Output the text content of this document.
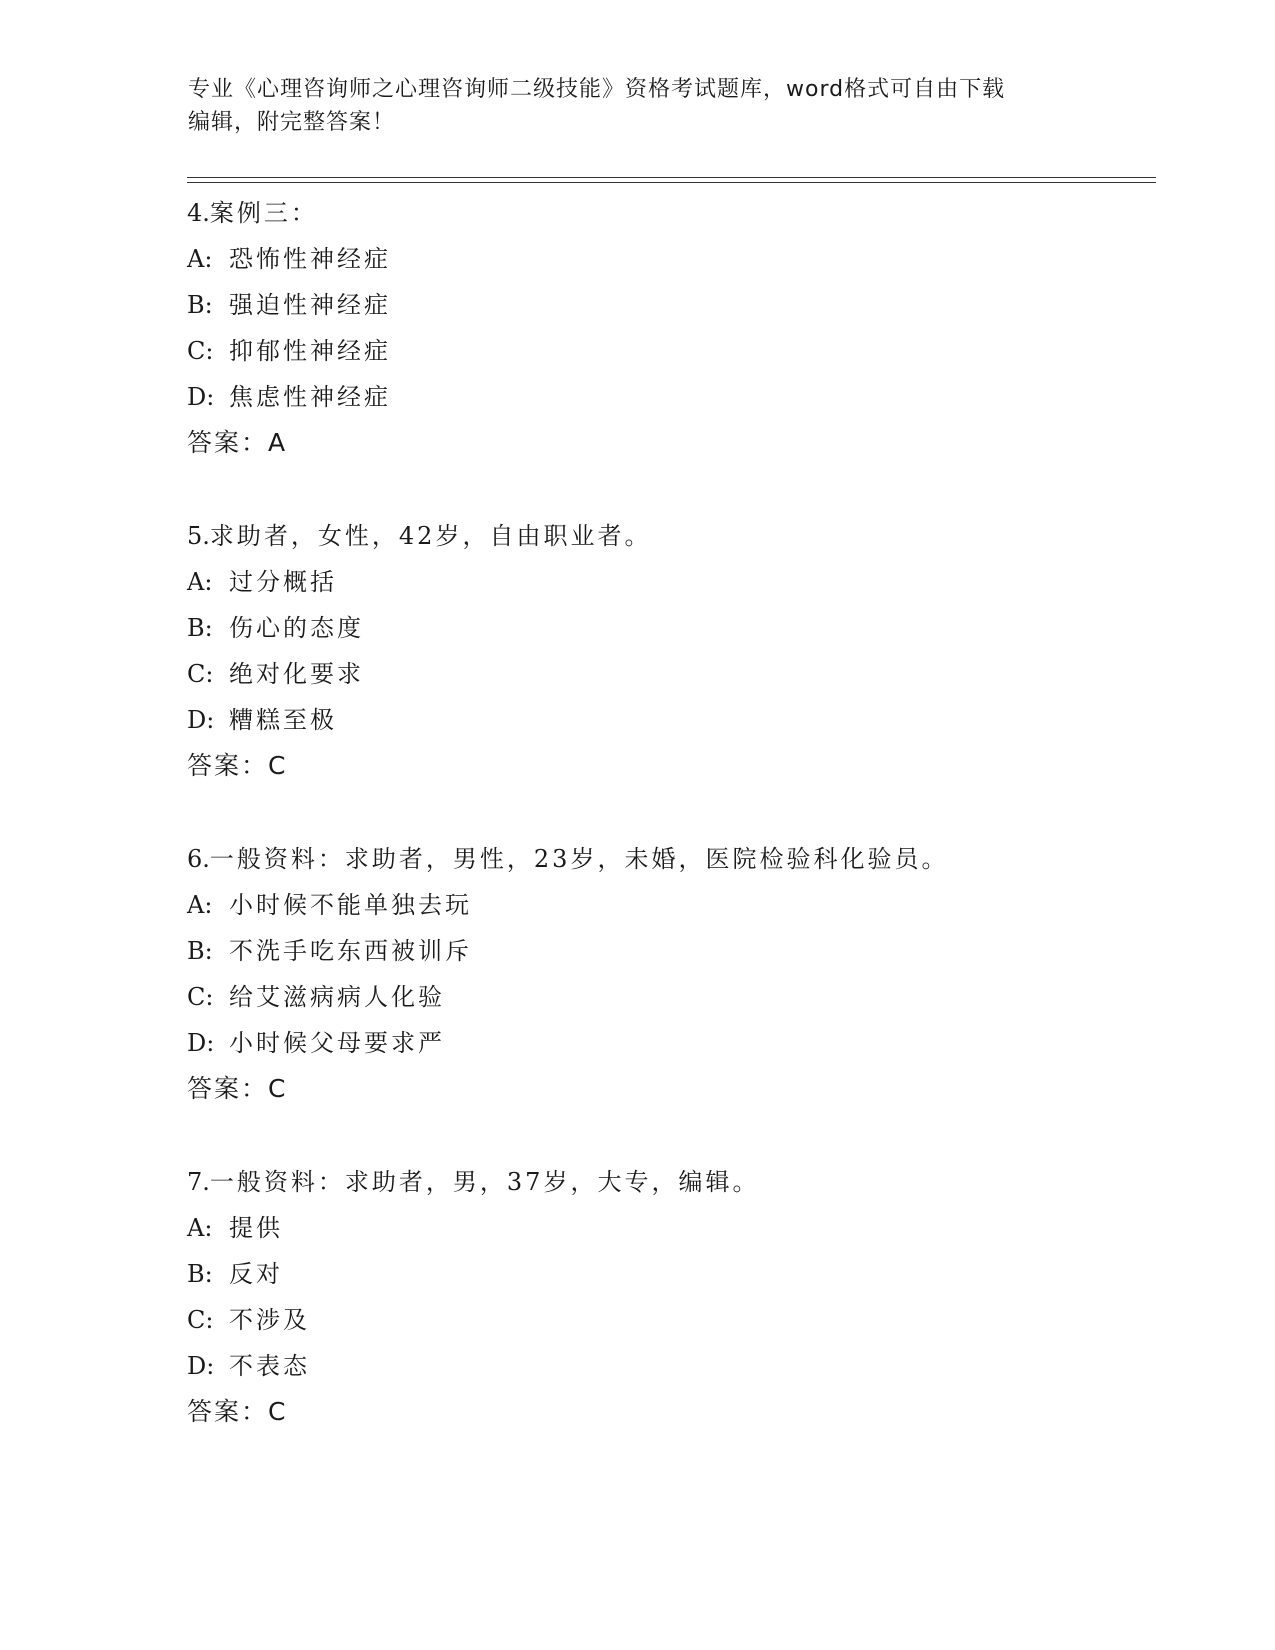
专业《心理咨询师之心理咨询师二级技能》资格考试题库，word格式可自由下载
编辑，附完整答案！
4.案例三：
A: 恐怖性神经症
B: 强迫性神经症
C: 抑郁性神经症
D: 焦虑性神经症
答案：A
5.求助者，女性，42岁，自由职业者。
A: 过分概括
B: 伤心的态度
C: 绝对化要求
D: 糟糕至极
答案：C
6.一般资料：求助者，男性，23岁，未婚，医院检验科化验员。
A: 小时候不能单独去玩
B: 不洗手吃东西被训斥
C: 给艾滋病病人化验
D: 小时候父母要求严
答案：C
7.一般资料：求助者，男，37岁，大专，编辑。
A: 提供
B: 反对
C: 不涉及
D: 不表态
答案：C
